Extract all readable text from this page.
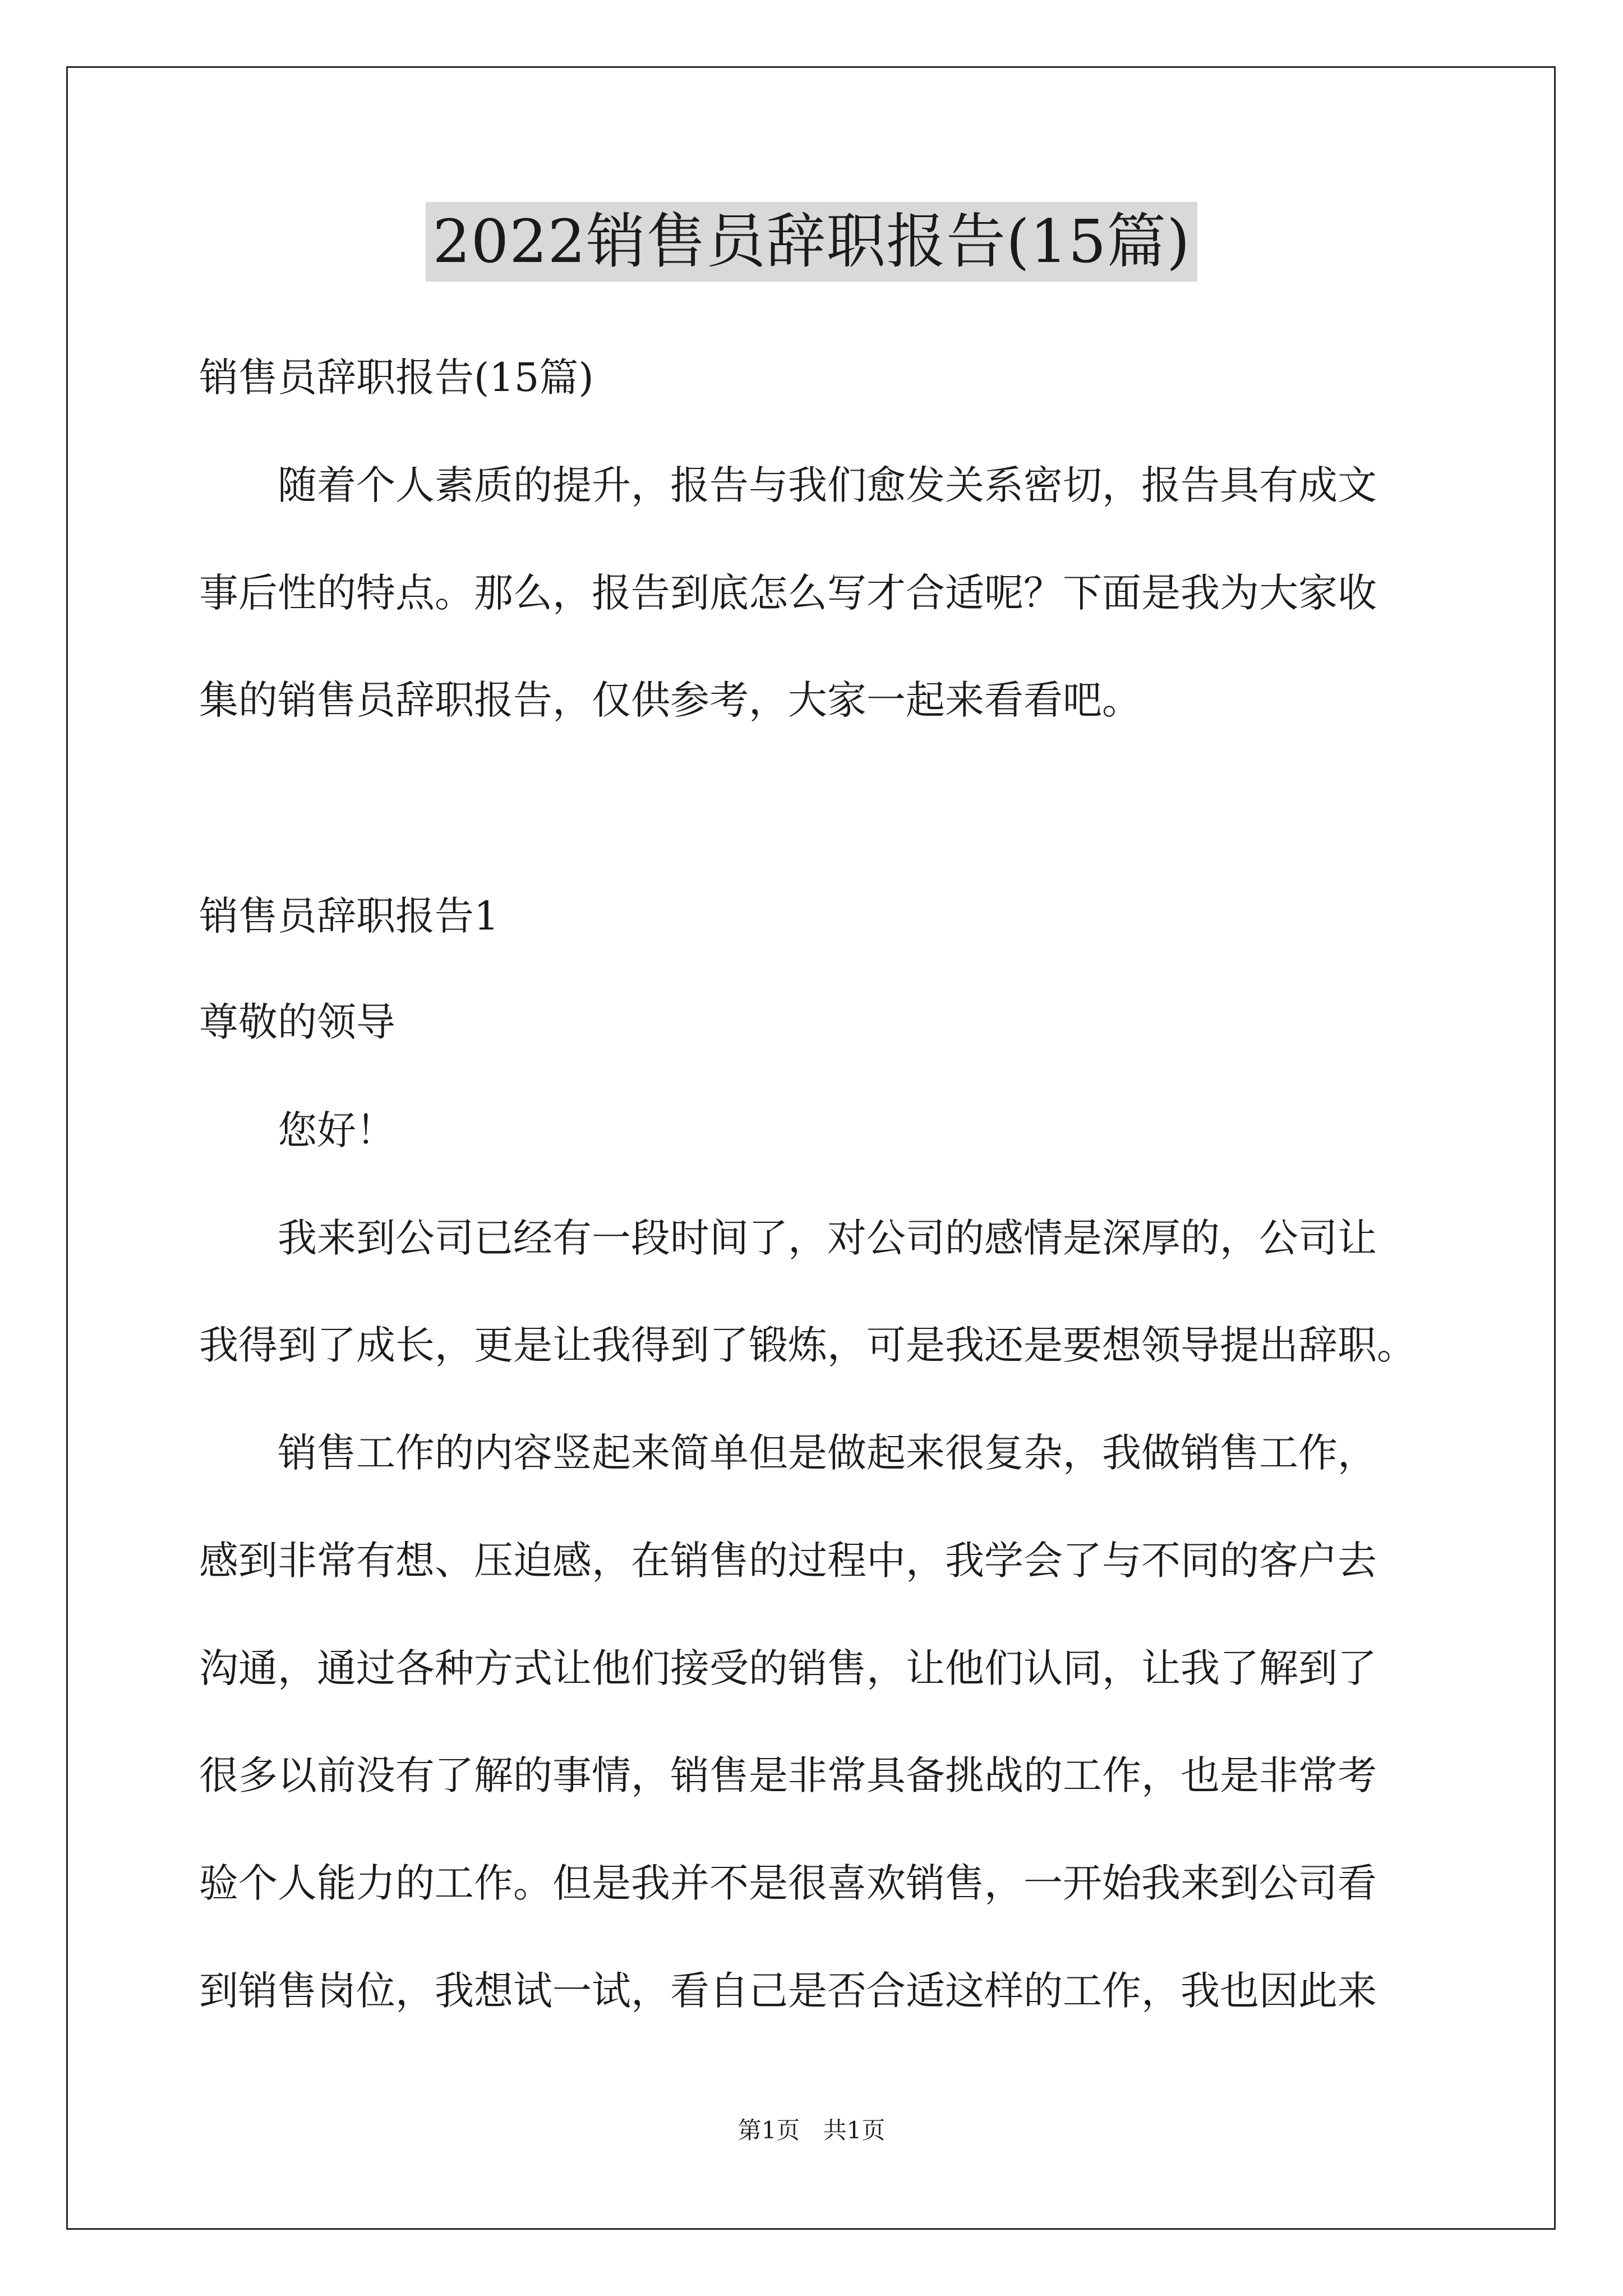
2022销售员辞职报告(15篇)
销售员辞职报告(15篇)
随着个人素质的提升，报告与我们愈发关系密切，报告具有成文
事后性的特点。那么，报告到底怎么写才合适呢？下面是我为大家收
集的销售员辞职报告，仅供参考，大家一起来看看吧。
销售员辞职报告1
尊敬的领导
您好！
我来到公司已经有一段时间了，对公司的感情是深厚的，公司让
我得到了成长，更是让我得到了锻炼，可是我还是要想领导提出辞职。
销售工作的内容竖起来简单但是做起来很复杂，我做销售工作，
感到非常有想、压迫感，在销售的过程中，我学会了与不同的客户去
沟通，通过各种方式让他们接受的销售，让他们认同，让我了解到了
很多以前没有了解的事情，销售是非常具备挑战的工作，也是非常考
验个人能力的工作。但是我并不是很喜欢销售，一开始我来到公司看
到销售岗位，我想试一试，看自己是否合适这样的工作，我也因此来
第1页 共1页
